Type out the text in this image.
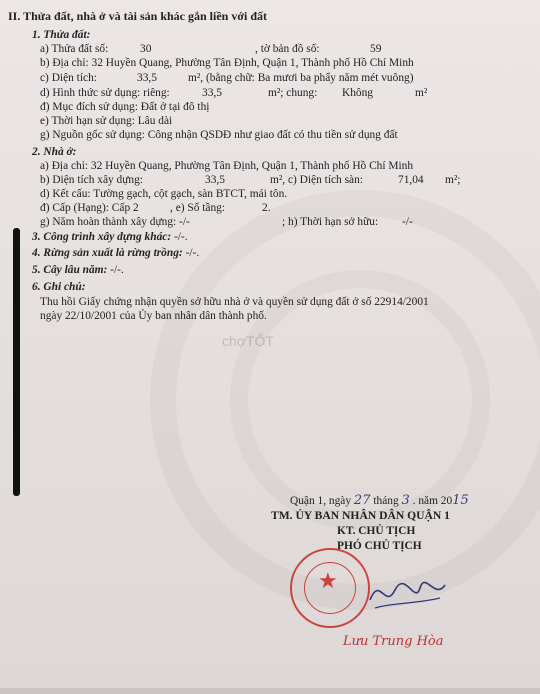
II. Thửa đất, nhà ở và tài sản khác gắn liền với đất
1. Thửa đất:
a) Thửa đất số:	30	, tờ bản đồ số:	59
b) Địa chỉ: 32 Huyền Quang, Phường Tân Định, Quận 1, Thành phố Hồ Chí Minh
c) Diện tích:	33,5	m², (bằng chữ: Ba mươi ba phẩy năm mét vuông)
d) Hình thức sử dụng: riêng:	33,5	m²; chung: Không	m²
đ) Mục đích sử dụng: Đất ở tại đô thị
e) Thời hạn sử dụng: Lâu dài
g) Nguồn gốc sử dụng: Công nhận QSDĐ như giao đất có thu tiền sử dụng đất
2. Nhà ở:
a) Địa chỉ: 32 Huyền Quang, Phường Tân Định, Quận 1, Thành phố Hồ Chí Minh
b) Diện tích xây dựng:	33,5	m², c) Diện tích sàn:	71,04 m²;
d) Kết cấu: Tường gạch, cột gạch, sàn BTCT, mái tôn.
đ) Cấp (Hạng): Cấp 2	, e) Số tầng:	2.
g) Năm hoàn thành xây dựng: -/-	; h) Thời hạn sở hữu: -/-
3. Công trình xây dựng khác: -/-.
4. Rừng sản xuất là rừng trồng: -/-.
5. Cây lâu năm: -/-.
6. Ghi chú:
Thu hồi Giấy chứng nhận quyền sở hữu nhà ở và quyền sử dụng đất ở số 22914/2001
ngày 22/10/2001 của Ủy ban nhân dân thành phố.
chợTỐT
Quận 1, ngày 27 tháng 3 . năm 2015
TM. ỦY BAN NHÂN DÂN QUẬN 1
KT. CHỦ TỊCH
PHÓ CHỦ TỊCH
★
Lưu Trung Hòa
